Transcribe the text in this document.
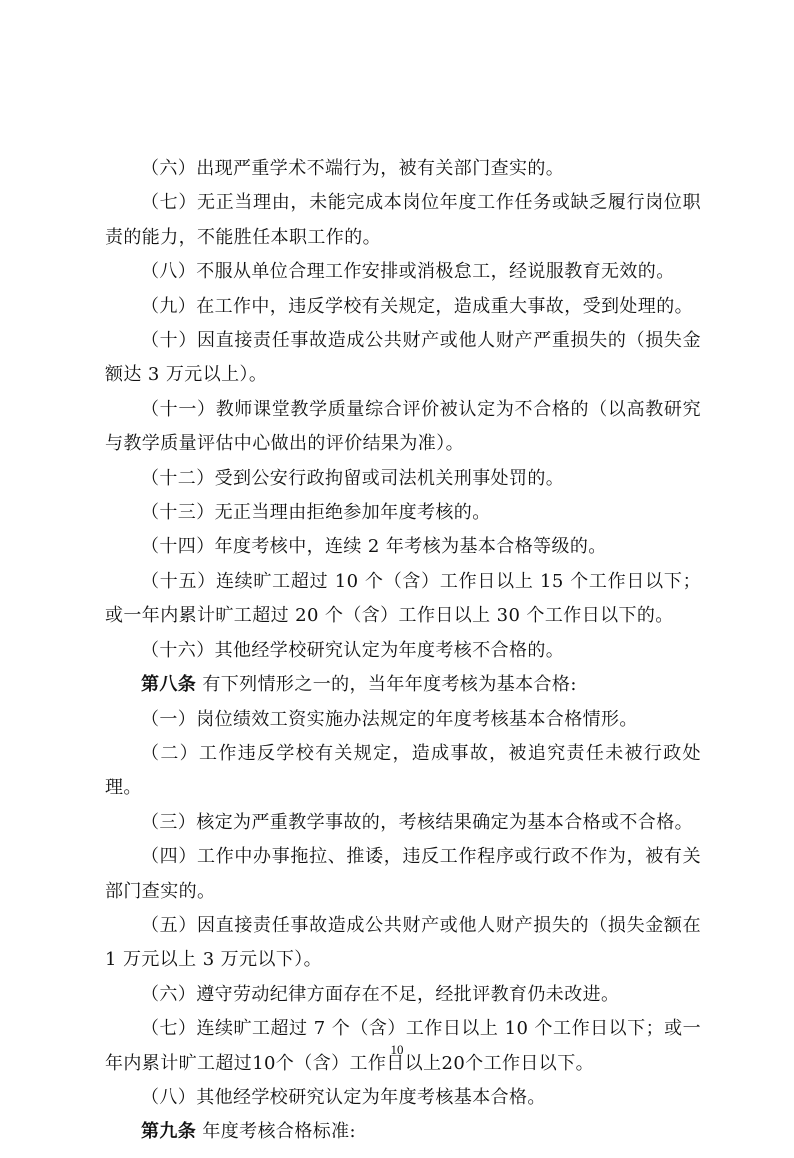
（六）出现严重学术不端行为，被有关部门查实的。

（七）无正当理由，未能完成本岗位年度工作任务或缺乏履行岗位职责的能力，不能胜任本职工作的。

（八）不服从单位合理工作安排或消极怠工，经说服教育无效的。

（九）在工作中，违反学校有关规定，造成重大事故，受到处理的。

（十）因直接责任事故造成公共财产或他人财产严重损失的（损失金额达 3 万元以上）。

（十一）教师课堂教学质量综合评价被认定为不合格的（以高教研究与教学质量评估中心做出的评价结果为准）。

（十二）受到公安行政拘留或司法机关刑事处罚的。

（十三）无正当理由拒绝参加年度考核的。

（十四）年度考核中，连续 2 年考核为基本合格等级的。

（十五）连续旷工超过 10 个（含）工作日以上 15 个工作日以下；或一年内累计旷工超过 20 个（含）工作日以上 30 个工作日以下的。

（十六）其他经学校研究认定为年度考核不合格的。

第八条 有下列情形之一的，当年年度考核为基本合格:

（一）岗位绩效工资实施办法规定的年度考核基本合格情形。

（二）工作违反学校有关规定，造成事故，被追究责任未被行政处理。

（三）核定为严重教学事故的，考核结果确定为基本合格或不合格。

（四）工作中办事拖拉、推诿，违反工作程序或行政不作为，被有关部门查实的。

（五）因直接责任事故造成公共财产或他人财产损失的（损失金额在 1 万元以上 3 万元以下）。

（六）遵守劳动纪律方面存在不足，经批评教育仍未改进。

（七）连续旷工超过 7 个（含）工作日以上 10 个工作日以下；或一年内累计旷工超过10个（含）工作日以上20个工作日以下。

（八）其他经学校研究认定为年度考核基本合格。

第九条 年度考核合格标准:

10
